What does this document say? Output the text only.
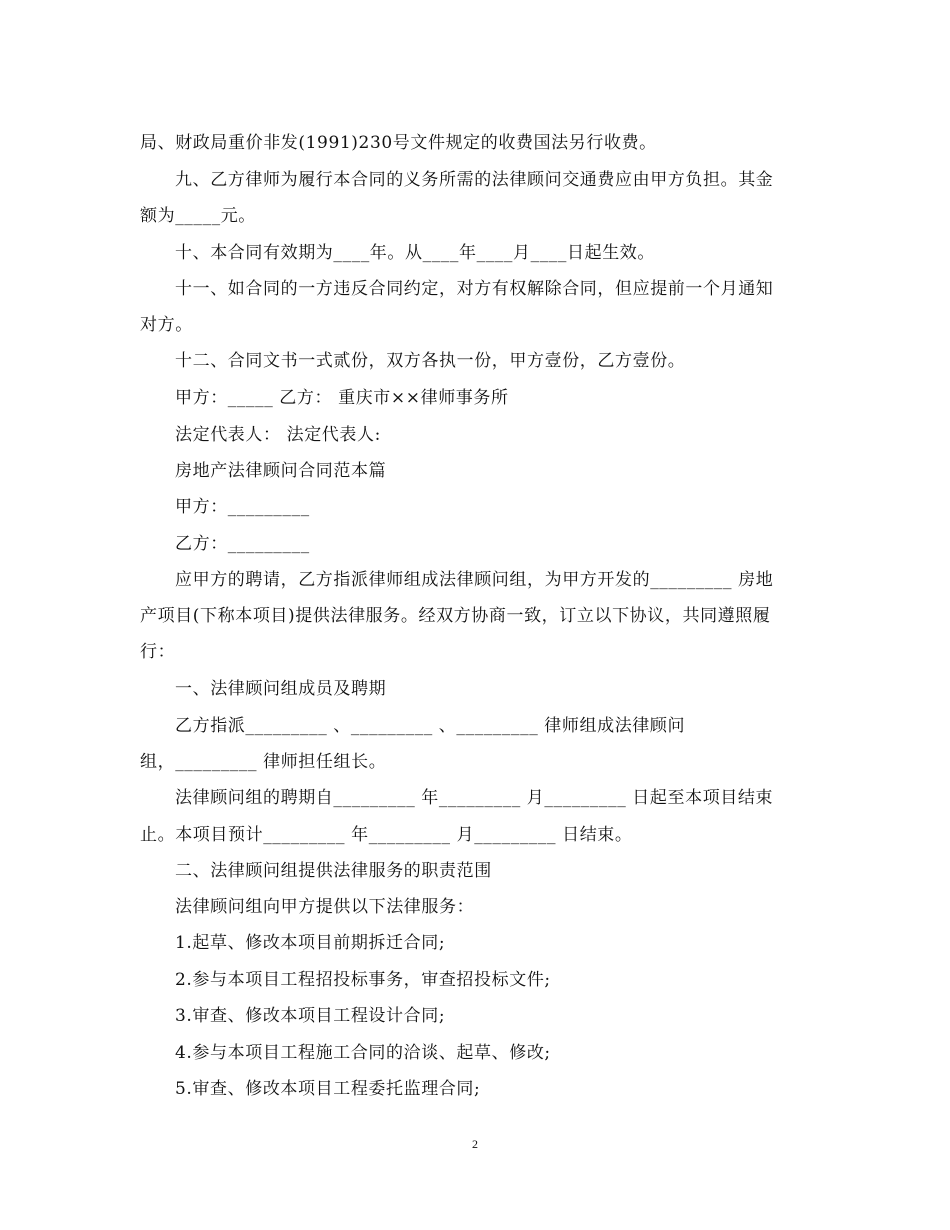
局、财政局重价非发(1991)230号文件规定的收费国法另行收费。
九、乙方律师为履行本合同的义务所需的法律顾问交通费应由甲方负担。其金
额为_____元。
十、本合同有效期为____年。从____年____月____日起生效。
十一、如合同的一方违反合同约定，对方有权解除合同，但应提前一个月通知
对方。
十二、合同文书一式贰份，双方各执一份，甲方壹份，乙方壹份。
甲方：_____ 乙方： 重庆市××律师事务所
法定代表人： 法定代表人:
房地产法律顾问合同范本篇
甲方：_________
乙方：_________
应甲方的聘请，乙方指派律师组成法律顾问组，为甲方开发的_________ 房地
产项目(下称本项目)提供法律服务。经双方协商一致，订立以下协议，共同遵照履
行：
一、法律顾问组成员及聘期
乙方指派_________ 、_________ 、_________ 律师组成法律顾问
组，_________ 律师担任组长。
法律顾问组的聘期自_________ 年_________ 月_________ 日起至本项目结束
止。本项目预计_________ 年_________ 月_________ 日结束。
二、法律顾问组提供法律服务的职责范围
法律顾问组向甲方提供以下法律服务：
1.起草、修改本项目前期拆迁合同;
2.参与本项目工程招投标事务，审查招投标文件;
3.审查、修改本项目工程设计合同;
4.参与本项目工程施工合同的洽谈、起草、修改;
5.审查、修改本项目工程委托监理合同;
2
